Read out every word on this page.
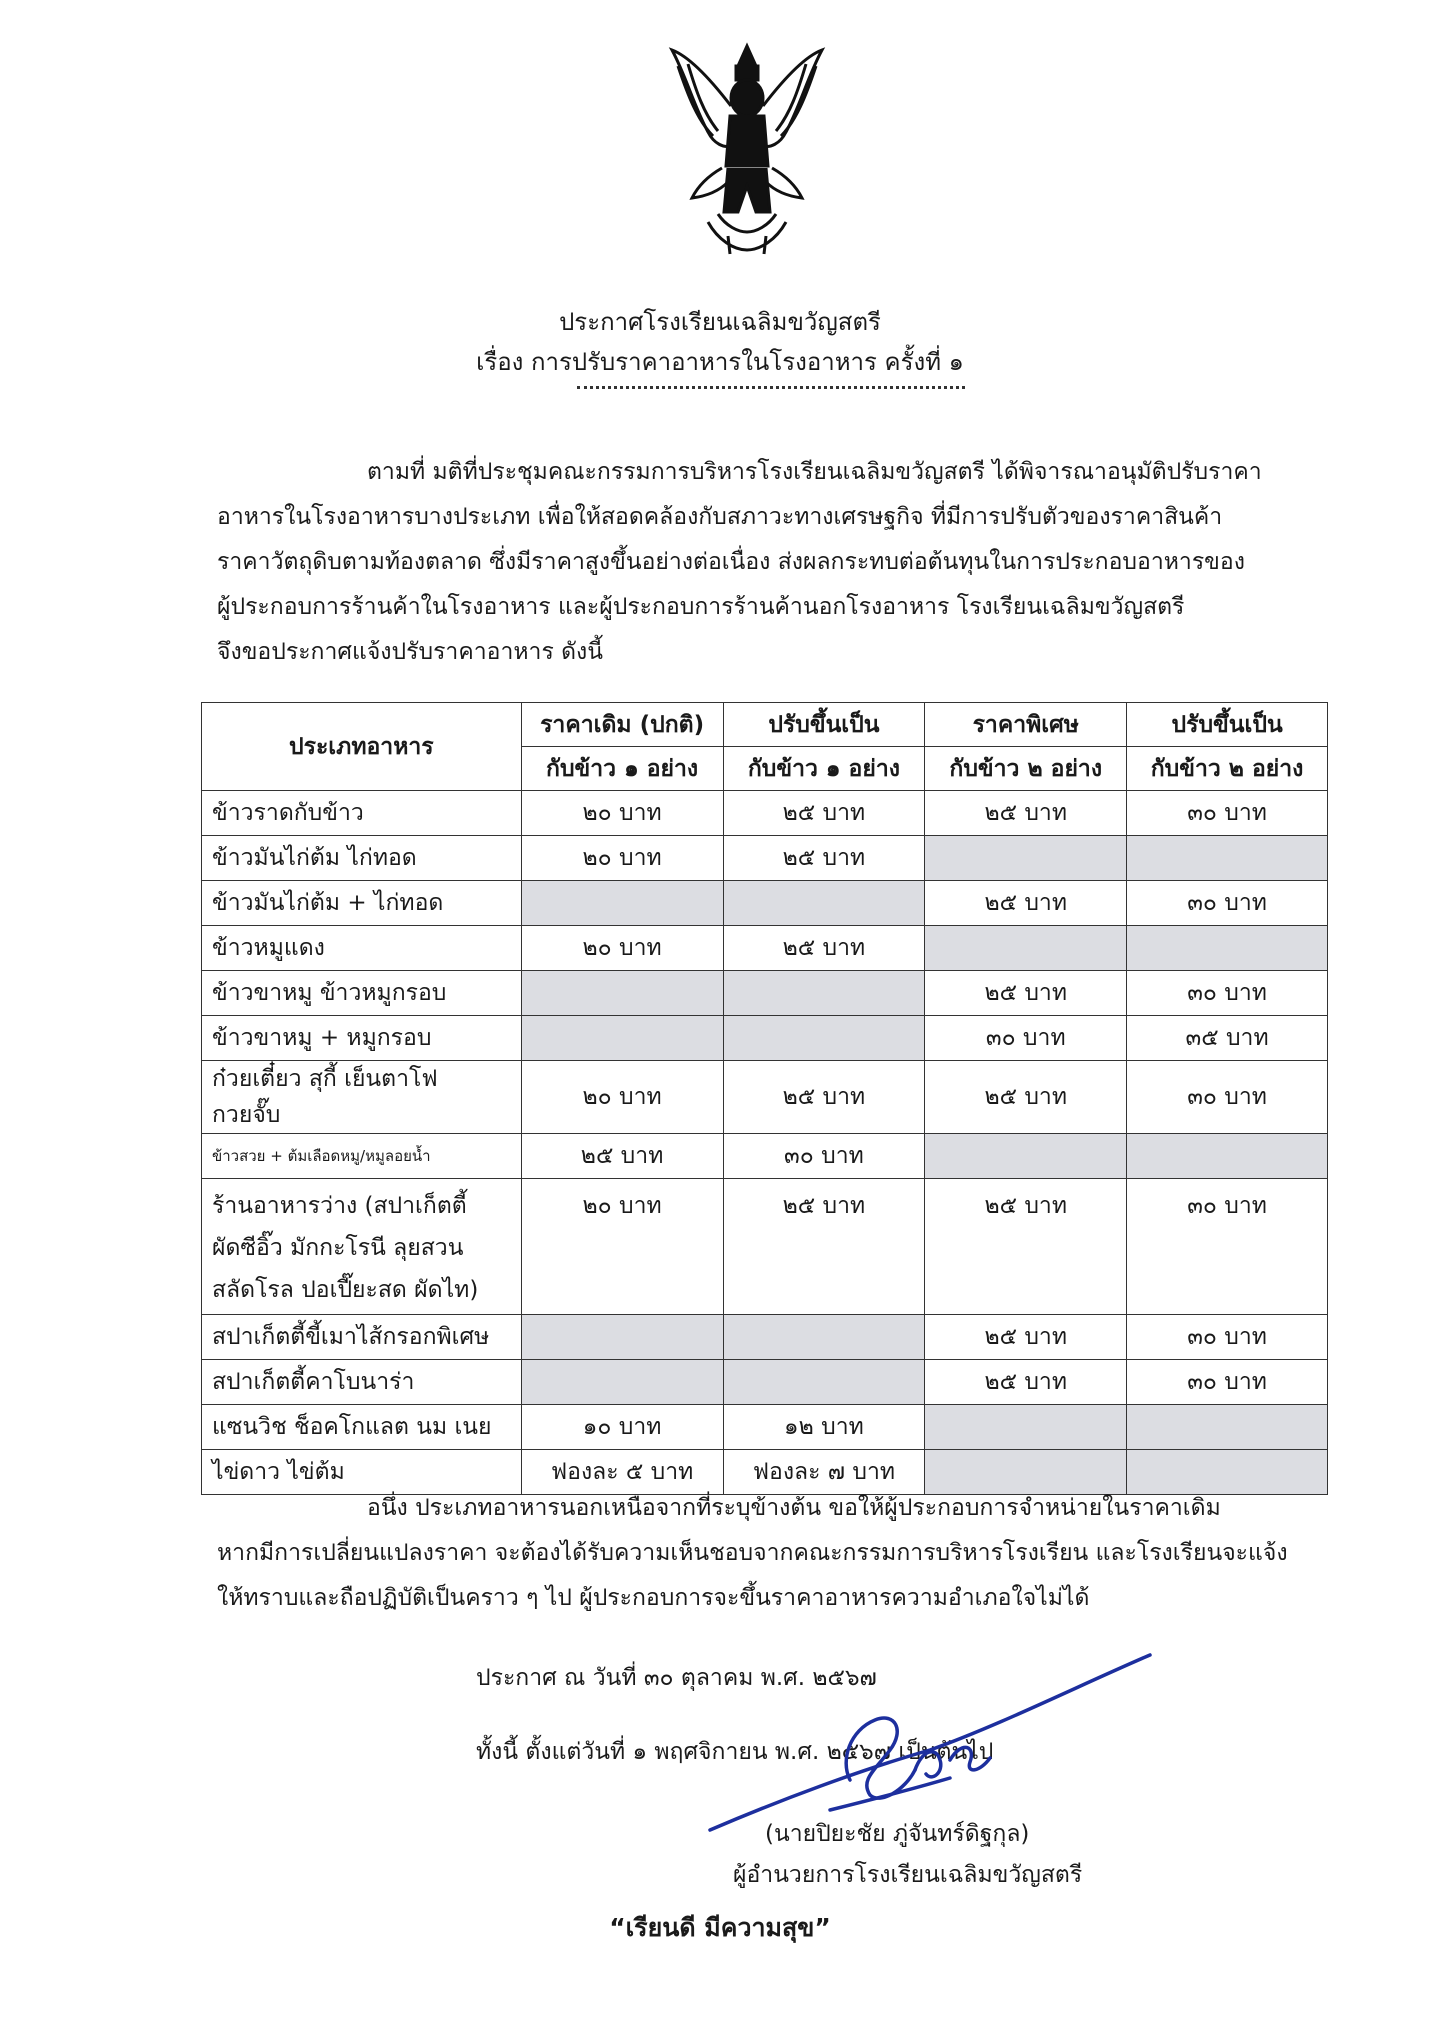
ประกาศโรงเรียนเฉลิมขวัญสตรี
เรื่อง การปรับราคาอาหารในโรงอาหาร ครั้งที่ ๑

ตามที่ มติที่ประชุมคณะกรรมการบริหารโรงเรียนเฉลิมขวัญสตรี ได้พิจารณาอนุมัติปรับราคา

อาหารในโรงอาหารบางประเภท เพื่อให้สอดคล้องกับสภาวะทางเศรษฐกิจ ที่มีการปรับตัวของราคาสินค้า

ราคาวัตถุดิบตามท้องตลาด ซึ่งมีราคาสูงขึ้นอย่างต่อเนื่อง ส่งผลกระทบต่อต้นทุนในการประกอบอาหารของ

ผู้ประกอบการร้านค้าในโรงอาหาร และผู้ประกอบการร้านค้านอกโรงอาหาร โรงเรียนเฉลิมขวัญสตรี

จึงขอประกาศแจ้งปรับราคาอาหาร ดังนี้

ประเภทอาหาร	ราคาเดิม (ปกติ)	ปรับขึ้นเป็น	ราคาพิเศษ	ปรับขึ้นเป็น
	กับข้าว ๑ อย่าง	กับข้าว ๑ อย่าง	กับข้าว ๒ อย่าง	กับข้าว ๒ อย่าง
ข้าวราดกับข้าว	๒๐ บาท	๒๕ บาท	๒๕ บาท	๓๐ บาท
ข้าวมันไก่ต้ม ไก่ทอด	๒๐ บาท	๒๕ บาท		
ข้าวมันไก่ต้ม + ไก่ทอด			๒๕ บาท	๓๐ บาท
ข้าวหมูแดง	๒๐ บาท	๒๕ บาท		
ข้าวขาหมู ข้าวหมูกรอบ			๒๕ บาท	๓๐ บาท
ข้าวขาหมู + หมูกรอบ			๓๐ บาท	๓๕ บาท
ก๋วยเตี๋ยว สุกี้ เย็นตาโฟ กวยจั๊บ	๒๐ บาท	๒๕ บาท	๒๕ บาท	๓๐ บาท
ข้าวสวย + ต้มเลือดหมู/หมูลอยน้ำ	๒๕ บาท	๓๐ บาท		

ร้านอาหารว่าง (สปาเก็ตตี้
ผัดซีอิ๊ว มักกะโรนี ลุยสวน
สลัดโรล ปอเปี๊ยะสด ผัดไท)	๒๐ บาท	๒๕ บาท	๒๕ บาท	๓๐ บาท
สปาเก็ตตี้ขี้เมาไส้กรอกพิเศษ			๒๕ บาท	๓๐ บาท
สปาเก็ตตี้คาโบนาร่า			๒๕ บาท	๓๐ บาท
แซนวิช ช็อคโกแลต นม เนย	๑๐ บาท	๑๒ บาท		
ไข่ดาว ไข่ต้ม	ฟองละ ๕ บาท	ฟองละ ๗ บาท		

อนึ่ง ประเภทอาหารนอกเหนือจากที่ระบุข้างต้น ขอให้ผู้ประกอบการจำหน่ายในราคาเดิม

หากมีการเปลี่ยนแปลงราคา จะต้องได้รับความเห็นชอบจากคณะกรรมการบริหารโรงเรียน และโรงเรียนจะแจ้ง

ให้ทราบและถือปฏิบัติเป็นคราว ๆ ไป ผู้ประกอบการจะขึ้นราคาอาหารความอำเภอใจไม่ได้

ประกาศ ณ วันที่ ๓๐ ตุลาคม พ.ศ. ๒๕๖๗
ทั้งนี้ ตั้งแต่วันที่ ๑ พฤศจิกายน พ.ศ. ๒๕๖๗ เป็นต้นไป
(นายปิยะชัย ภู่จันทร์ดิฐกุล)
ผู้อำนวยการโรงเรียนเฉลิมขวัญสตรี
“เรียนดี มีความสุข”
